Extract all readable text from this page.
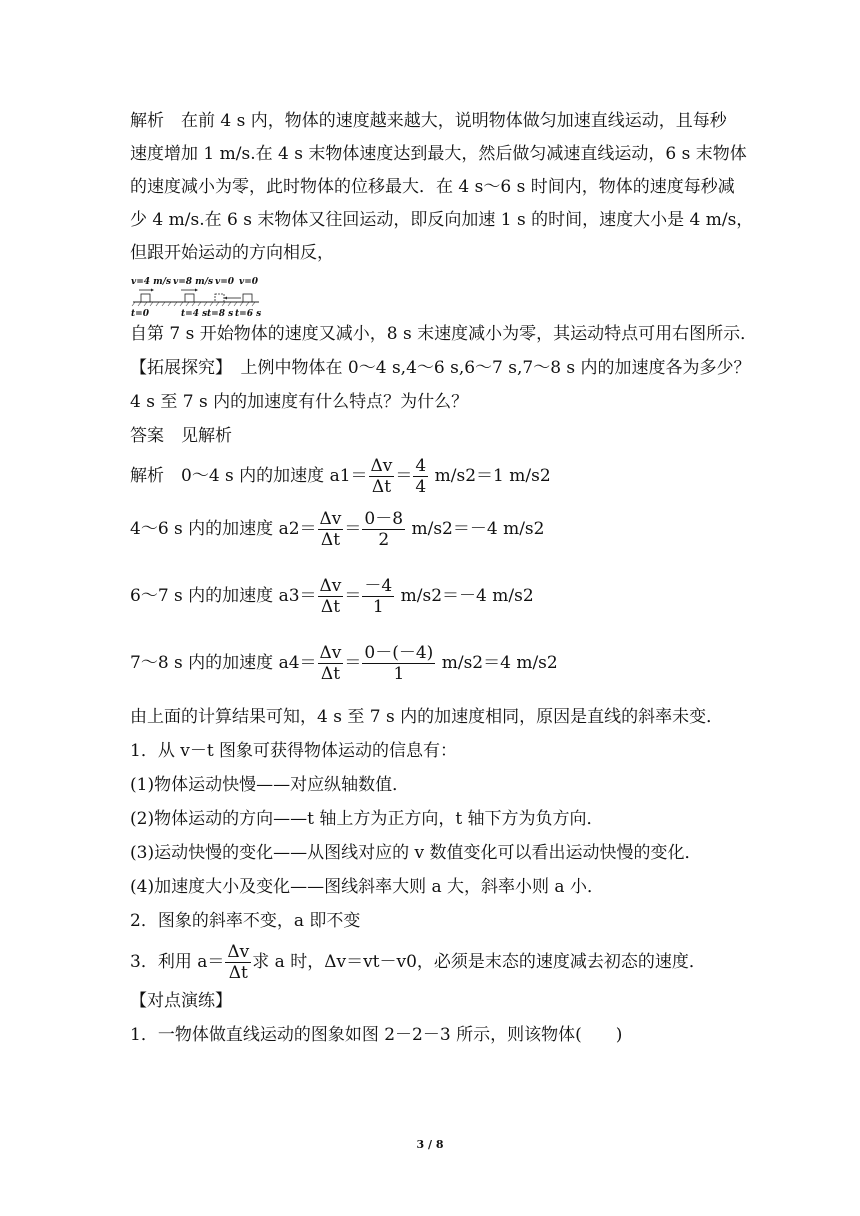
解析　在前 4 s 内，物体的速度越来越大，说明物体做匀加速直线运动，且每秒
速度增加 1 m/s.在 4 s 末物体速度达到最大，然后做匀减速直线运动，6 s 末物体
的速度减小为零，此时物体的位移最大．在 4 s～6 s 时间内，物体的速度每秒减
少 4 m/s.在 6 s 末物体又往回运动，即反向加速 1 s 的时间，速度大小是 4 m/s，
但跟开始运动的方向相反，
v=4 m/s v=8 m/s v=0 v=0
t=0	t=4 s t=8 s t=6 s
自第 7 s 开始物体的速度又减小，8 s 末速度减小为零，其运动特点可用右图所示．
【拓展探究】　上例中物体在 0～4 s,4～6 s,6～7 s,7～8 s 内的加速度各为多少？
4 s 至 7 s 内的加速度有什么特点？为什么？
答案　见解析
解析　0～4 s 内的加速度 $a1= \frac{\Delta v}{\Delta t} = \frac{4}{4} m/s2=1$ m/s2
4～6 s 内的加速度 $a2= \frac{\Delta v}{\Delta t} = \frac{0-8}{2} m/s2=-4$ m/s2
6～7 s 内的加速度 $a3= \frac{\Delta v}{\Delta t} = \frac{-4}{1} m/s2=-4$ m/s2
7～8 s 内的加速度 $a4= \frac{\Delta v}{\Delta t} = \frac{0-(-4)}{1} m/s2=4$ m/s2
由上面的计算结果可知，4 s 至 7 s 内的加速度相同，原因是直线的斜率未变．
1．从 v－t 图象可获得物体运动的信息有：
(1)物体运动快慢——对应纵轴数值．
(2)物体运动的方向——t 轴上方为正方向，t 轴下方为负方向．
(3)运动快慢的变化——从图线对应的 v 数值变化可以看出运动快慢的变化．
(4)加速度大小及变化——图线斜率大则 a 大，斜率小则 a 小．
2．图象的斜率不变，a 即不变
3．利用 $a= \frac{\Delta v}{\Delta t}$ 求 a 时，Δv＝vt－v0，必须是末态的速度减去初态的速度．
【对点演练】
1．一物体做直线运动的图象如图 2－2－3 所示，则该物体(　　)
3 / 8
